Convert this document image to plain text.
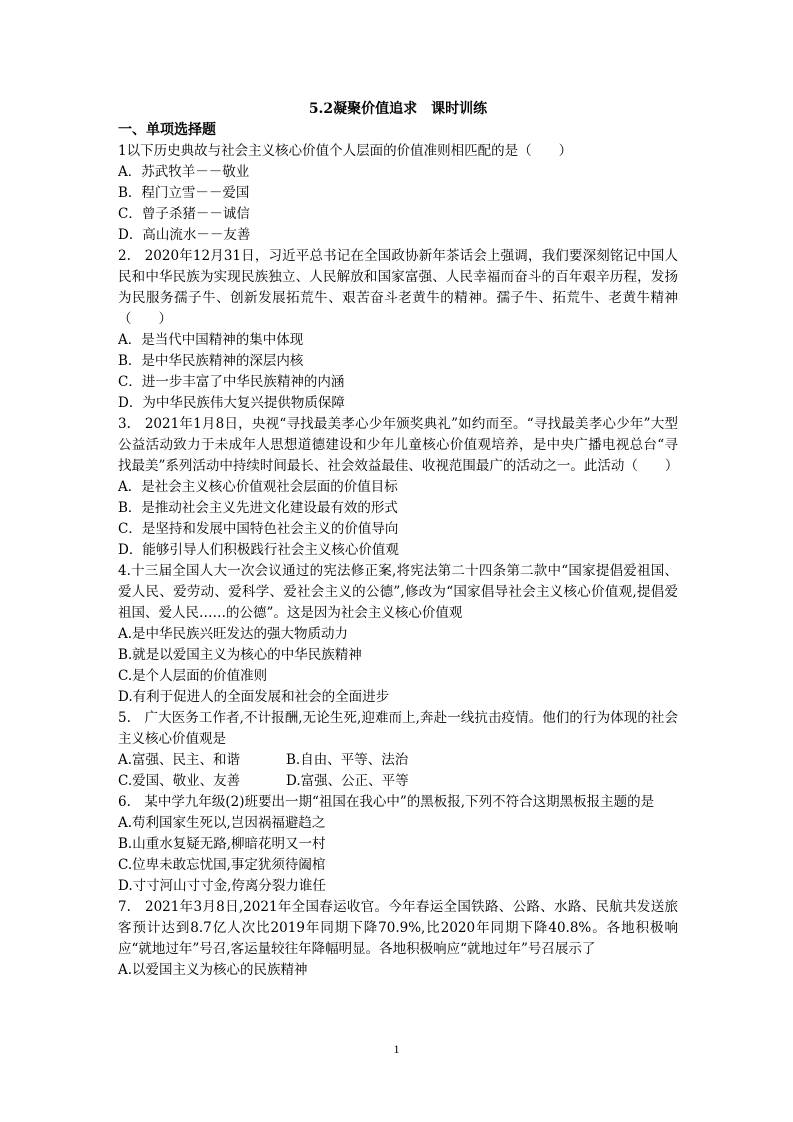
5.2凝聚价值追求　课时训练

一、单项选择题

1以下历史典故与社会主义核心价值个人层面的价值准则相匹配的是（　　）

A．苏武牧羊－－敬业

B．程门立雪－－爱国

C．曾子杀猪－－诚信

D．高山流水－－友善

2.　2020年12月31日，习近平总书记在全国政协新年茶话会上强调，我们要深刻铭记中国人民和中华民族为实现民族独立、人民解放和国家富强、人民幸福而奋斗的百年艰辛历程，发扬为民服务孺子牛、创新发展拓荒牛、艰苦奋斗老黄牛的精神。孺子牛、拓荒牛、老黄牛精神（　　）

A．是当代中国精神的集中体现

B．是中华民族精神的深层内核

C．进一步丰富了中华民族精神的内涵

D．为中华民族伟大复兴提供物质保障

3.　2021年1月8日，央视“寻找最美孝心少年颁奖典礼”如约而至。“寻找最美孝心少年”大型公益活动致力于未成年人思想道德建设和少年儿童核心价值观培养，是中央广播电视总台“寻找最美”系列活动中持续时间最长、社会效益最佳、收视范围最广的活动之一。此活动（　　）

A．是社会主义核心价值观社会层面的价值目标

B．是推动社会主义先进文化建设最有效的形式

C．是坚持和发展中国特色社会主义的价值导向

D．能够引导人们积极践行社会主义核心价值观

4.十三届全国人大一次会议通过的宪法修正案,将宪法第二十四条第二款中“国家提倡爱祖国、爱人民、爱劳动、爱科学、爱社会主义的公德”,修改为“国家倡导社会主义核心价值观,提倡爱祖国、爱人民……的公德”。这是因为社会主义核心价值观

A.是中华民族兴旺发达的强大物质动力

B.就是以爱国主义为核心的中华民族精神

C.是个人层面的价值准则

D.有利于促进人的全面发展和社会的全面进步

5.　广大医务工作者,不计报酬,无论生死,迎难而上,奔赴一线抗击疫情。他们的行为体现的社会主义核心价值观是

A.富强、民主、和谐	B.自由、平等、法治
C.爱国、敬业、友善	D.富强、公正、平等

6.　某中学九年级(2)班要出一期“祖国在我心中”的黑板报,下列不符合这期黑板报主题的是

A.苟利国家生死以,岂因祸福避趋之

B.山重水复疑无路,柳暗花明又一村

C.位卑未敢忘忧国,事定犹须待阖棺

D.寸寸河山寸寸金,侉离分裂力谁任

7.　2021年3月8日,2021年全国春运收官。今年春运全国铁路、公路、水路、民航共发送旅客预计达到8.7亿人次比2019年同期下降70.9%,比2020年同期下降40.8%。各地积极响应“就地过年”号召,客运量较往年降幅明显。各地积极响应“就地过年”号召展示了

A.以爱国主义为核心的民族精神

1
